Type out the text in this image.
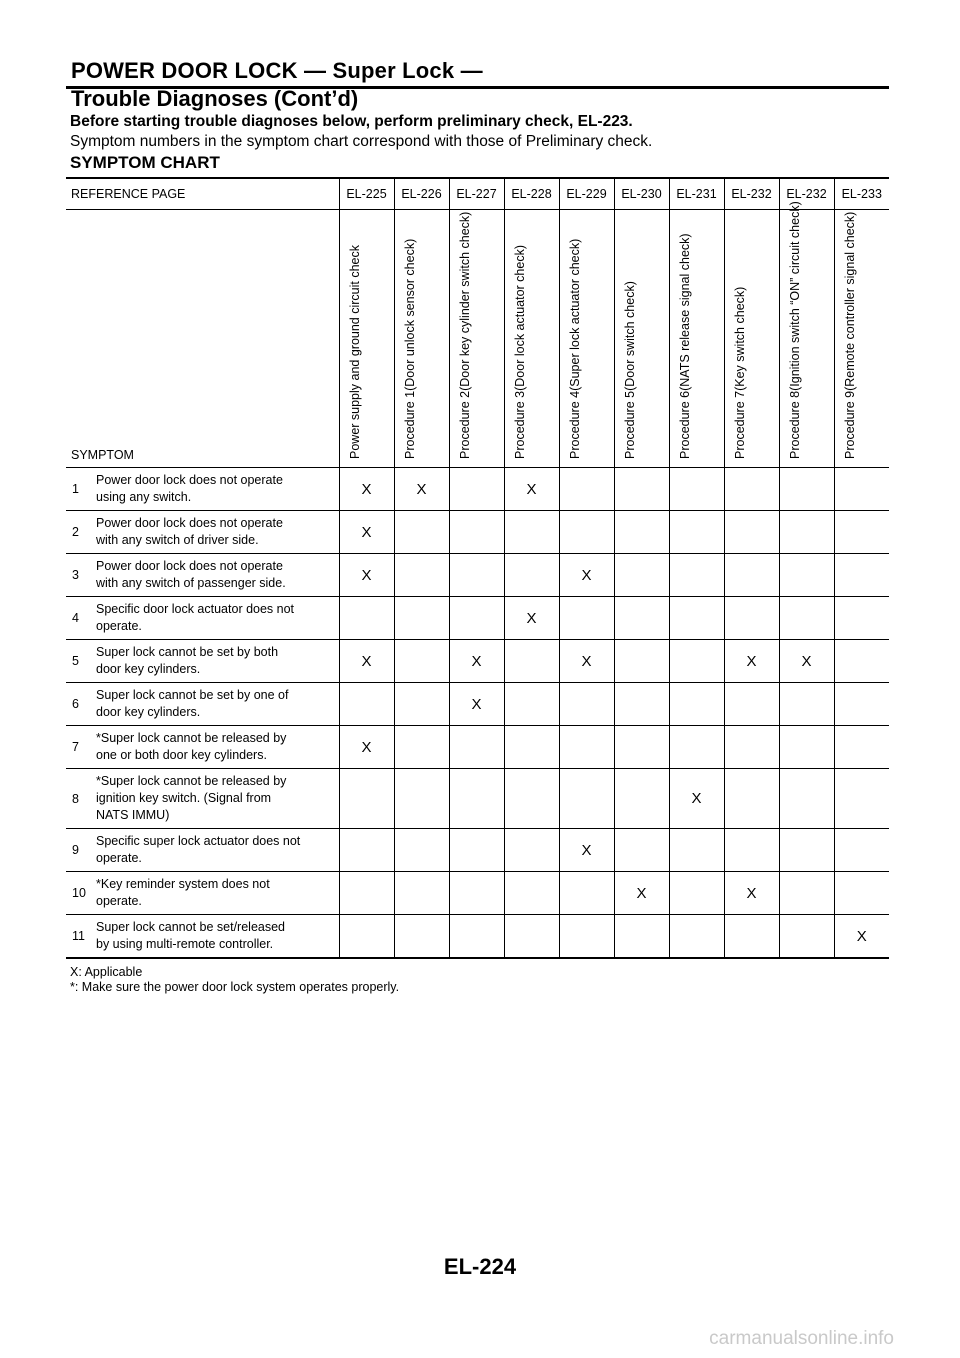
POWER DOOR LOCK — Super Lock —
Trouble Diagnoses (Cont’d)
Before starting trouble diagnoses below, perform preliminary check, EL-223.
Symptom numbers in the symptom chart correspond with those of Preliminary check.
SYMPTOM CHART

REFERENCE PAGE		EL-225	EL-226	EL-227	EL-228	EL-229	EL-230	EL-231	EL-232	EL-232	EL-233
SYMPTOM		Power supply and ground circuit check	Procedure 1(Door unlock sensor check)	Procedure 2(Door key cylinder switch check)	Procedure 3(Door lock actuator check)	Procedure 4(Super lock actuator check)	Procedure 5(Door switch check)	Procedure 6(NATS release signal check)	Procedure 7(Key switch check)	Procedure 8(Ignition switch “ON” circuit check)	Procedure 9(Remote controller signal check)

1	Power door lock does not operate
using any switch.	X	X		X						
2	Power door lock does not operate
with any switch of driver side.	X									
3	Power door lock does not operate
with any switch of passenger side.	X				X					
4	Specific door lock actuator does not
operate.				X						
5	Super lock cannot be set by both
door key cylinders.	X		X		X			X	X	
6	Super lock cannot be set by one of
door key cylinders.			X							
7	*Super lock cannot be released by
one or both door key cylinders.	X									
8	*Super lock cannot be released by
ignition key switch. (Signal from
NATS IMMU)							X			
9	Specific super lock actuator does not
operate.					X					
10	*Key reminder system does not
operate.						X		X		
11	Super lock cannot be set/released
by using multi-remote controller.										X
X: Applicable
*: Make sure the power door lock system operates properly.
EL-224
carmanualsonline.info
